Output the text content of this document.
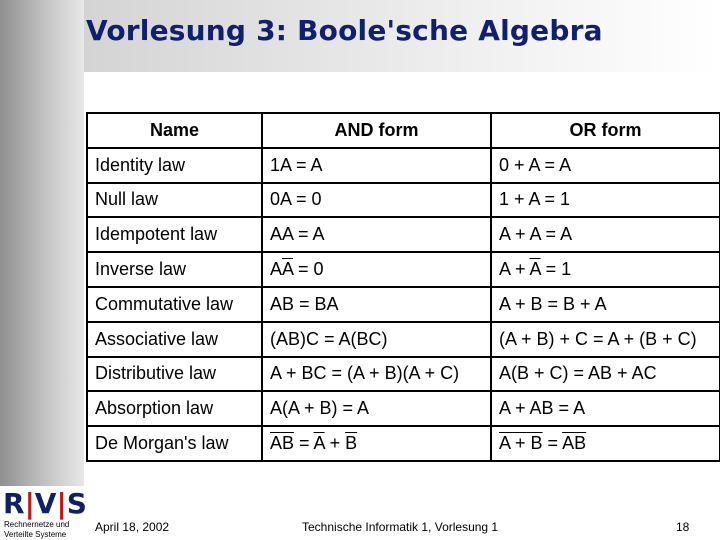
Vorlesung 3: Boole'sche Algebra
Name	AND form	OR form
Identity law	1A = A	0 + A = A
Null law	0A = 0	1 + A = 1
Idempotent law	AA = A	A + A = A
Inverse law	$A\overline{A} = 0$	$A + \overline{A} = 1$
Commutative law	AB = BA	A + B = B + A
Associative law	(AB)C = A(BC)	(A + B) + C = A + (B + C)
Distributive law	A + BC = (A + B)(A + C)	A(B + C) = AB + AC
Absorption law	A(A + B) = A	A + AB = A
De Morgan's law	$\overline{AB} = \overline{A} + \overline{B}$	$A + B = \overline{A}\overline{B}$
R|V|S
Rechnernetze und
Verteilte Systeme
April 18, 2002	Technische Informatik 1, Vorlesung 1	18
